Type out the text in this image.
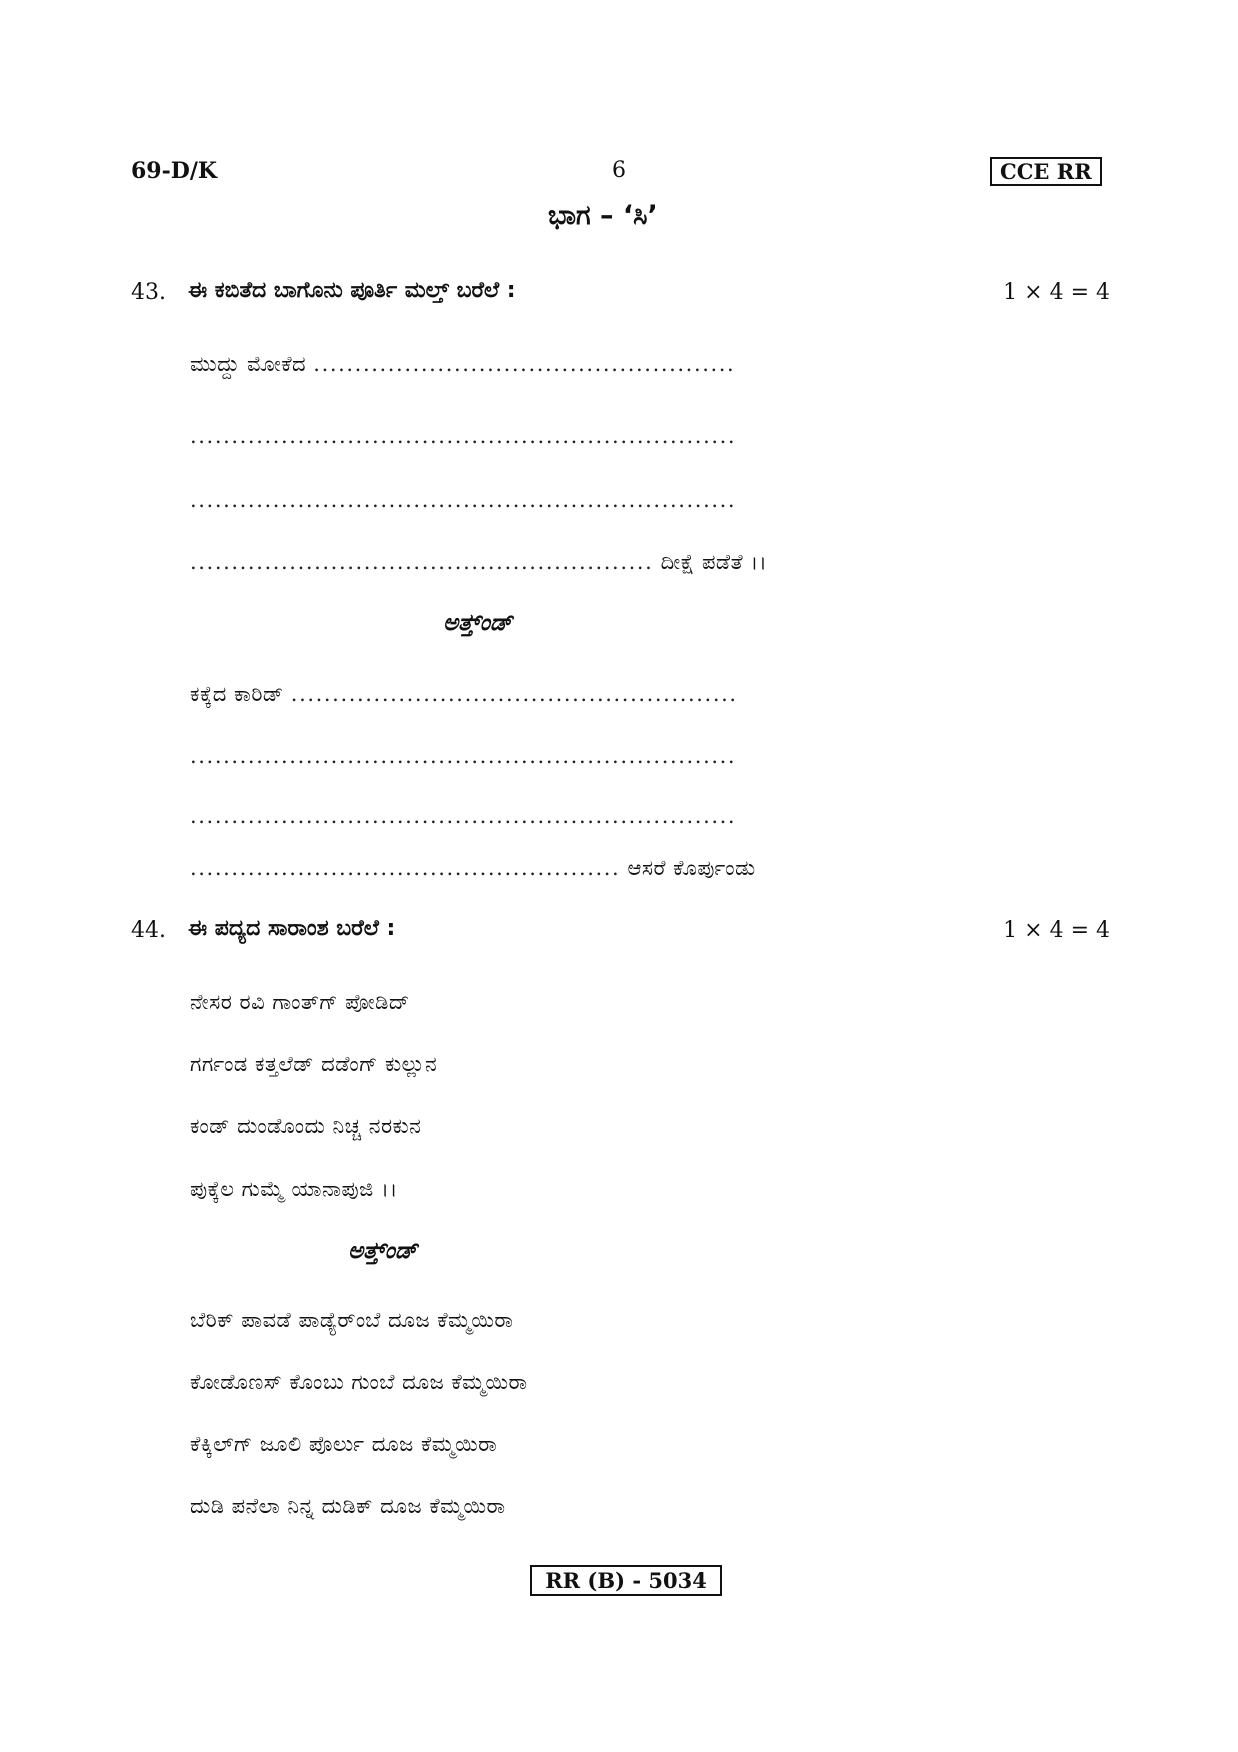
69-D/K	6	CCE RR
ಭಾಗ – ‘ಸಿ’
43. ಈ ಕಬಿತೆದ ಬಾಗೊನು ಪೂರ್ತಿ ಮಲ್ತ್ ಬರೆಲೆ :	1 × 4 = 4
ಮುದ್ದು ಮೋಕೆದ ...................................................
..................................................................
..................................................................
........................................................ ದೀಕ್ಷೆ ಪಡೆತೆ ।।
ಅತ್ತ್‌ಂಡ್
ಕಕ್ಕೆದ ಕಾರಿಡ್ ......................................................
..................................................................
..................................................................
.................................................... ಆಸರೆ ಕೊರ್ಪುಂಡು
44. ಈ ಪದ್ಯದ ಸಾರಾಂಶ ಬರೆಲೆ :	1 × 4 = 4
ನೇಸರ ರವಿ ಗಾಂತ್‌ಗ್ ಪೋಡಿದ್
ಗರ್ಗಂಡ ಕತ್ತಲೆಡ್ ದಡೆಂಗ್ ಕುಲ್ಲುನ
ಕಂಡ್ ದುಂಡೊಂದು ನಿಚ್ಚ ನರಕುನ
ಪುಕ್ಕೆಲ ಗುಮ್ಮೆ ಯಾನಾಪುಜಿ ।।
ಅತ್ತ್‌ಂಡ್
ಬೆರಿಕ್ ಪಾವಡೆ ಪಾಡ್ಯೆರ್‌ಂಬೆ ದೂಜ ಕೆಮ್ಮಯಿರಾ
ಕೋಡೊಣಸ್ ಕೊಂಬು ಗುಂಬೆ ದೂಜ ಕೆಮ್ಮಯಿರಾ
ಕೆಕ್ಕಿಲ್‌ಗ್ ಜೂಲಿ ಪೊರ್ಲು ದೂಜ ಕೆಮ್ಮಯಿರಾ
ದುಡಿ ಪನೆಲಾ ನಿನ್ನ ದುಡಿಕ್ ದೂಜ ಕೆಮ್ಮಯಿರಾ
RR (B) - 5034
